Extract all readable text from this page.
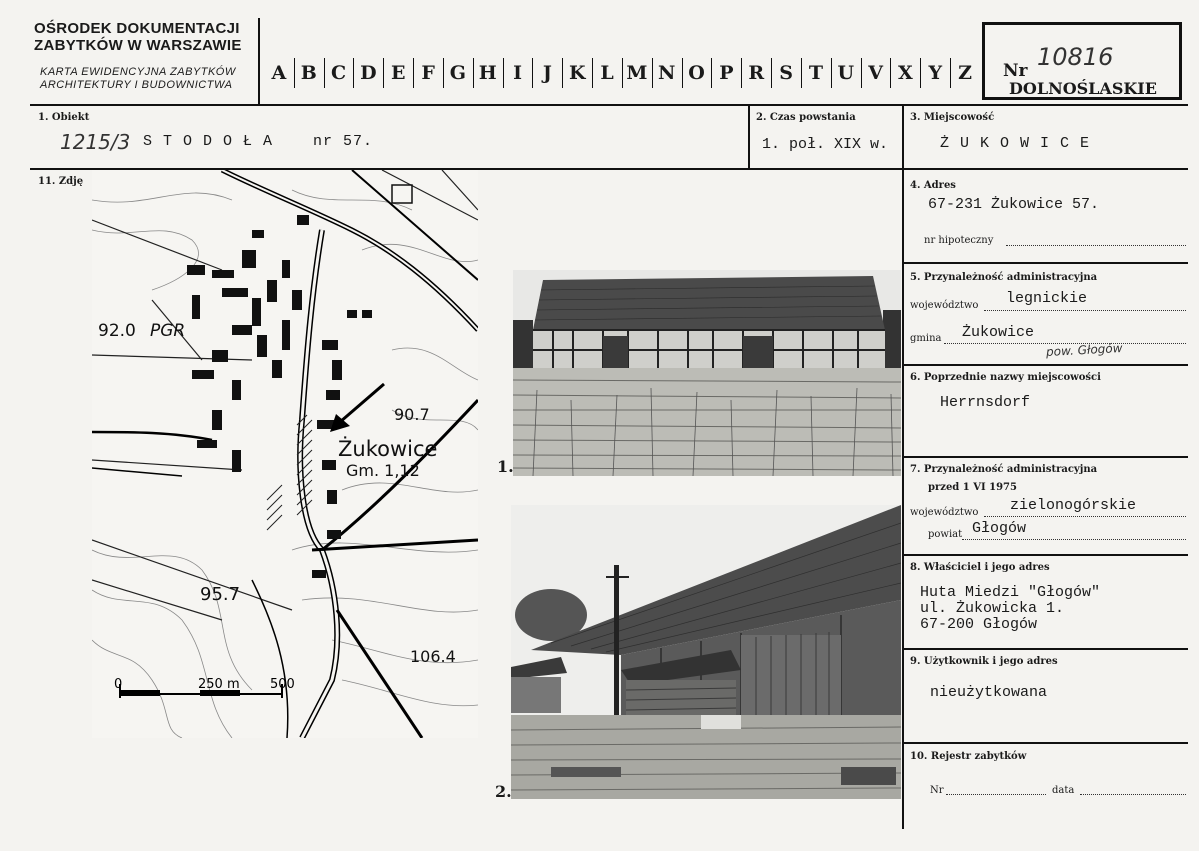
OŚRODEK DOKUMENTACJI
ZABYTKÓW W WARSZAWIE
KARTA EWIDENCYJNA ZABYTKÓW
ARCHITEKTURY I BUDOWNICTWA
A B C D E F G H I	J K L M N O P R S T U V X Y Z	Nr 10816
DOLNOŚLASKIE
1. Obiekt
1215/3 S T O D O Ł A    nr 57.
2. Czas powstania
1. poł. XIX w.
3. Miejscowość
Ż U K O W I C E
11. Zdję
92.0 PGR
90.7
Żukowice
Gm. 1,12
95.7
106.4
0	250 m 500
1.
2.
4. Adres
67-231 Żukowice 57.
nr hipoteczny
5. Przynależność administracyjna
województwo legnickie
gmina Żukowice
pow. Głogów
6. Poprzednie nazwy miejscowości
Herrnsdorf
7. Przynależność administracyjna
przed 1 VI 1975
województwo zielonogórskie
powiat Głogów
8. Właściciel i jego adres
Huta Miedzi "Głogów"
ul. Żukowicka 1.
67-200 Głogów
9. Użytkownik i jego adres
nieużytkowana
10. Rejestr zabytków
Nr	data
